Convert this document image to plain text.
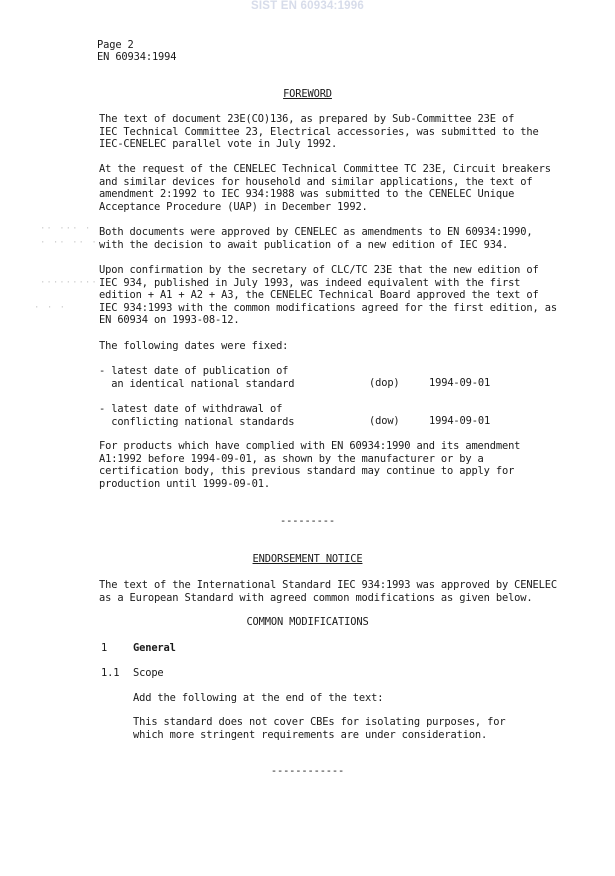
SIST EN 60934:1996
Page 2
EN 60934:1994
FOREWORD
The text of document 23E(CO)136, as prepared by Sub-Committee 23E of
IEC Technical Committee 23, Electrical accessories, was submitted to the
IEC-CENELEC parallel vote in July 1992.
At the request of the CENELEC Technical Committee TC 23E, Circuit breakers
and similar devices for household and similar applications, the text of
amendment 2:1992 to IEC 934:1988 was submitted to the CENELEC Unique
Acceptance Procedure (UAP) in December 1992.
Both documents were approved by CENELEC as amendments to EN 60934:1990,
with the decision to await publication of a new edition of IEC 934.
Upon confirmation by the secretary of CLC/TC 23E that the new edition of
IEC 934, published in July 1993, was indeed equivalent with the first
edition + A1 + A2 + A3, the CENELEC Technical Board approved the text of
IEC 934:1993 with the common modifications agreed for the first edition, as
EN 60934 on 1993-08-12.
The following dates were fixed:
- latest date of publication of
an identical national standard	(dop)	1994-09-01
- latest date of withdrawal of
conflicting national standards	(dow)	1994-09-01
For products which have complied with EN 60934:1990 and its amendment
A1:1992 before 1994-09-01, as shown by the manufacturer or by a
certification body, this previous standard may continue to apply for
production until 1999-09-01.
---------
ENDORSEMENT NOTICE
The text of the International Standard IEC 934:1993 was approved by CENELEC
as a European Standard with agreed common modifications as given below.
COMMON MODIFICATIONS
1 General
1.1 Scope
Add the following at the end of the text:
This standard does not cover CBEs for isolating purposes, for
which more stringent requirements are under consideration.
------------
·· ··· ·
· ·· ·· ·
·········
· · ·
